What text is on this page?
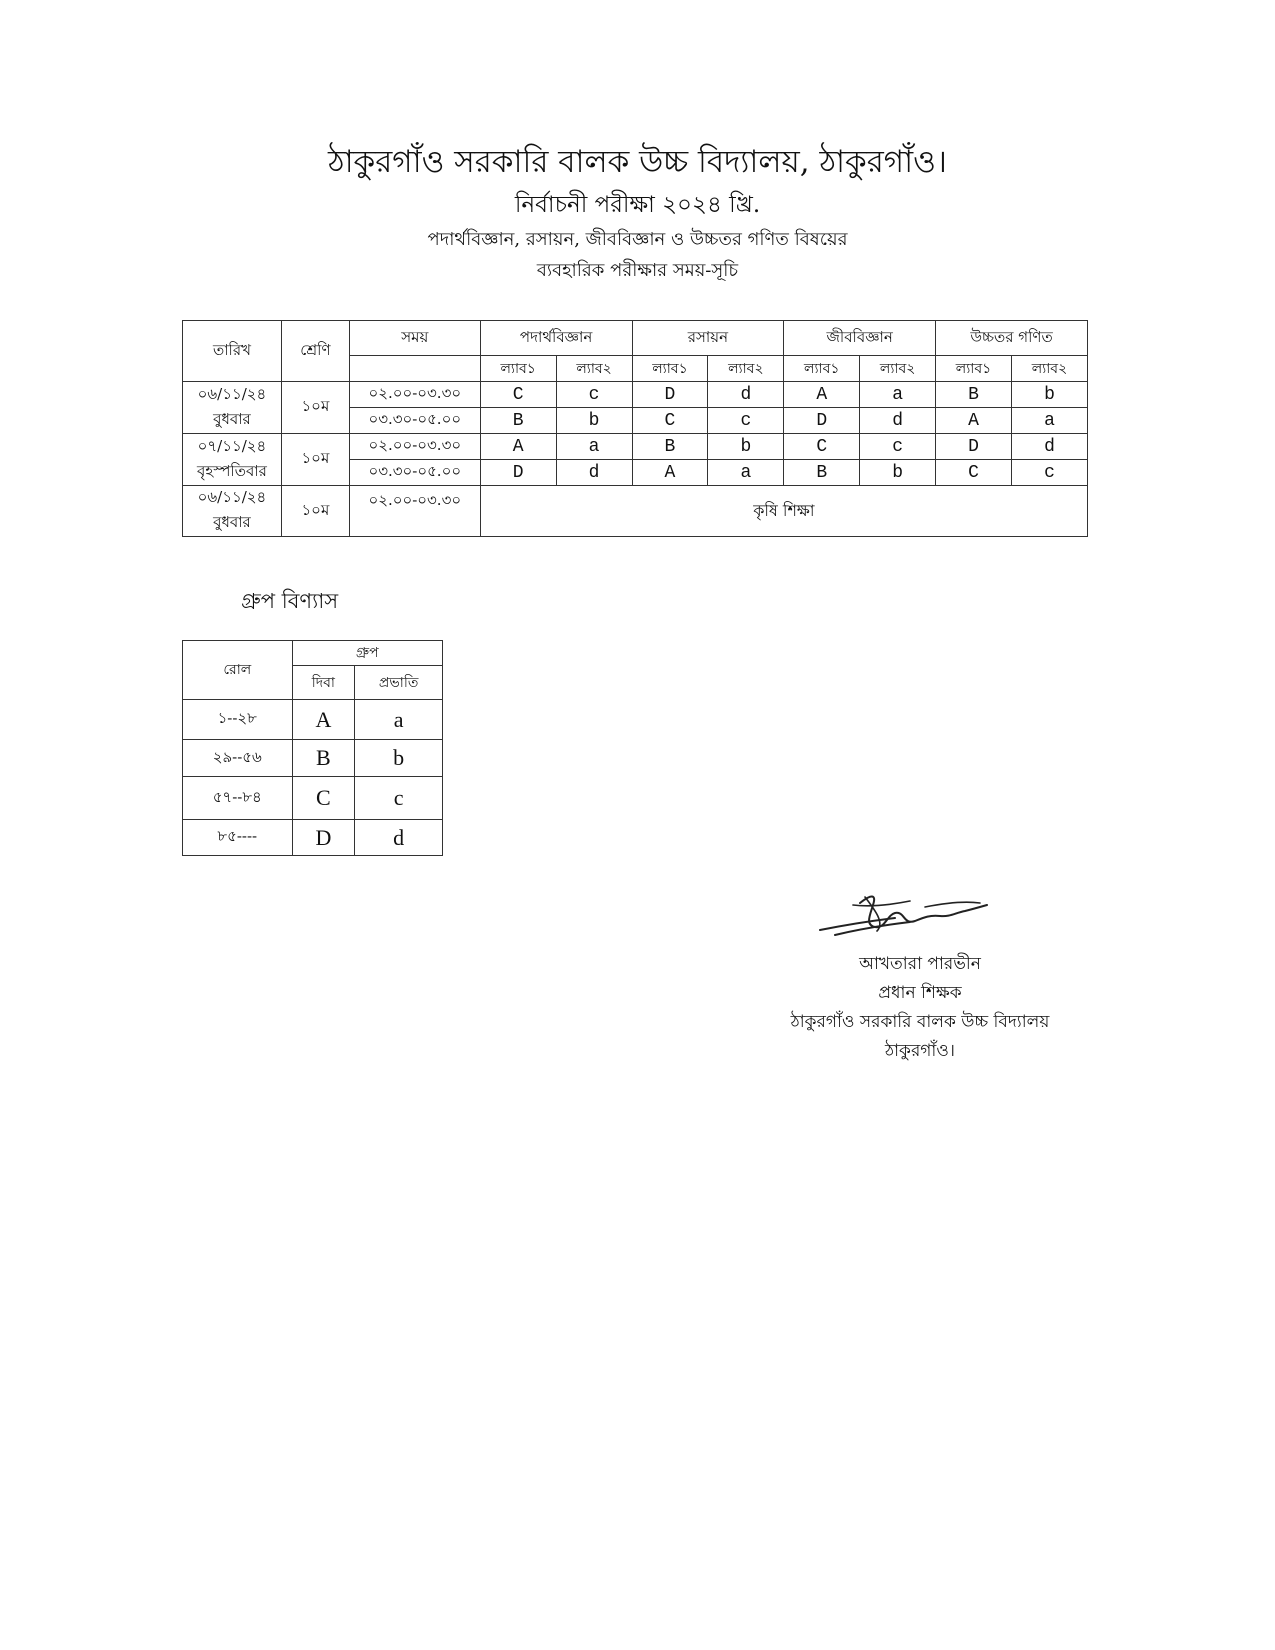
ঠাকুরগাঁও সরকারি বালক উচ্চ বিদ্যালয়, ঠাকুরগাঁও।
নির্বাচনী পরীক্ষা ২০২৪ খ্রি.
পদার্থবিজ্ঞান, রসায়ন, জীববিজ্ঞান ও উচ্চতর গণিত বিষয়ের
ব্যবহারিক পরীক্ষার সময়-সূচি
তারিখ	শ্রেণি	সময়	পদার্থবিজ্ঞান		রসায়ন		জীববিজ্ঞান		উচ্চতর গণিত	
			ল্যাব১	ল্যাব২	ল্যাব১	ল্যাব২	ল্যাব১	ল্যাব২	ল্যাব১	ল্যাব২

০৬/১১/২৪
বুধবার	১০ম	০২.০০-০৩.৩০	C	c	D	d	A	a	B	b
		০৩.৩০-০৫.০০	B	b	C	c	D	d	A	a

০৭/১১/২৪
বৃহস্পতিবার	১০ম	০২.০০-০৩.৩০	A	a	B	b	C	c	D	d
		০৩.৩০-০৫.০০	D	d	A	a	B	b	C	c

০৬/১১/২৪
বুধবার	১০ম	০২.০০-০৩.৩০	কৃষি শিক্ষা							
গ্রুপ বিণ্যাস
রোল	গ্রুপ	
	দিবা	প্রভাতি
১--২৮	A	a
২৯--৫৬	B	b
৫৭--৮৪	C	c
৮৫----	D	d
আখতারা পারভীন
প্রধান শিক্ষক
ঠাকুরগাঁও সরকারি বালক উচ্চ বিদ্যালয়
ঠাকুরগাঁও।
